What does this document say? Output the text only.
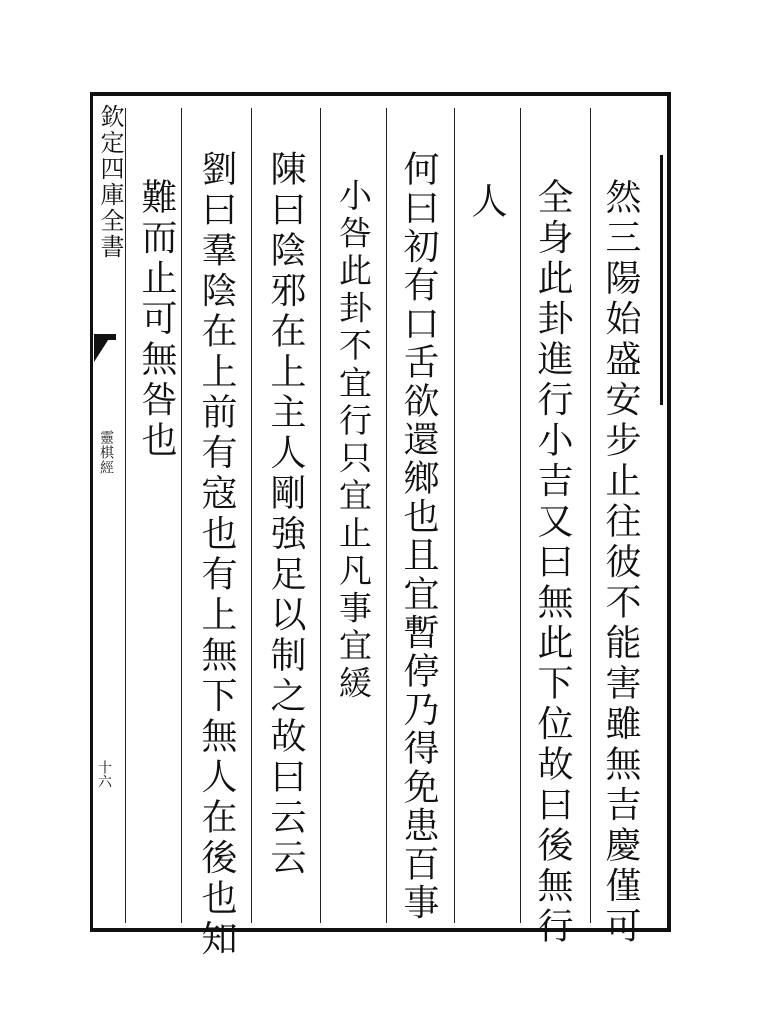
欽定四庫全書
靈棋經
十六	然三陽始盛安步止往彼不能害雖無吉慶僅可
全身此卦進行小吉又曰無此下位故曰後無行
人
何曰初有口舌欲還鄉也且宜暫停乃得免患百事
小咎此卦不宜行只宜止凡事宜緩
陳曰陰邪在上主人剛強足以制之故曰云云
劉曰羣陰在上前有寇也有上無下無人在後也知
難而止可無咎也
